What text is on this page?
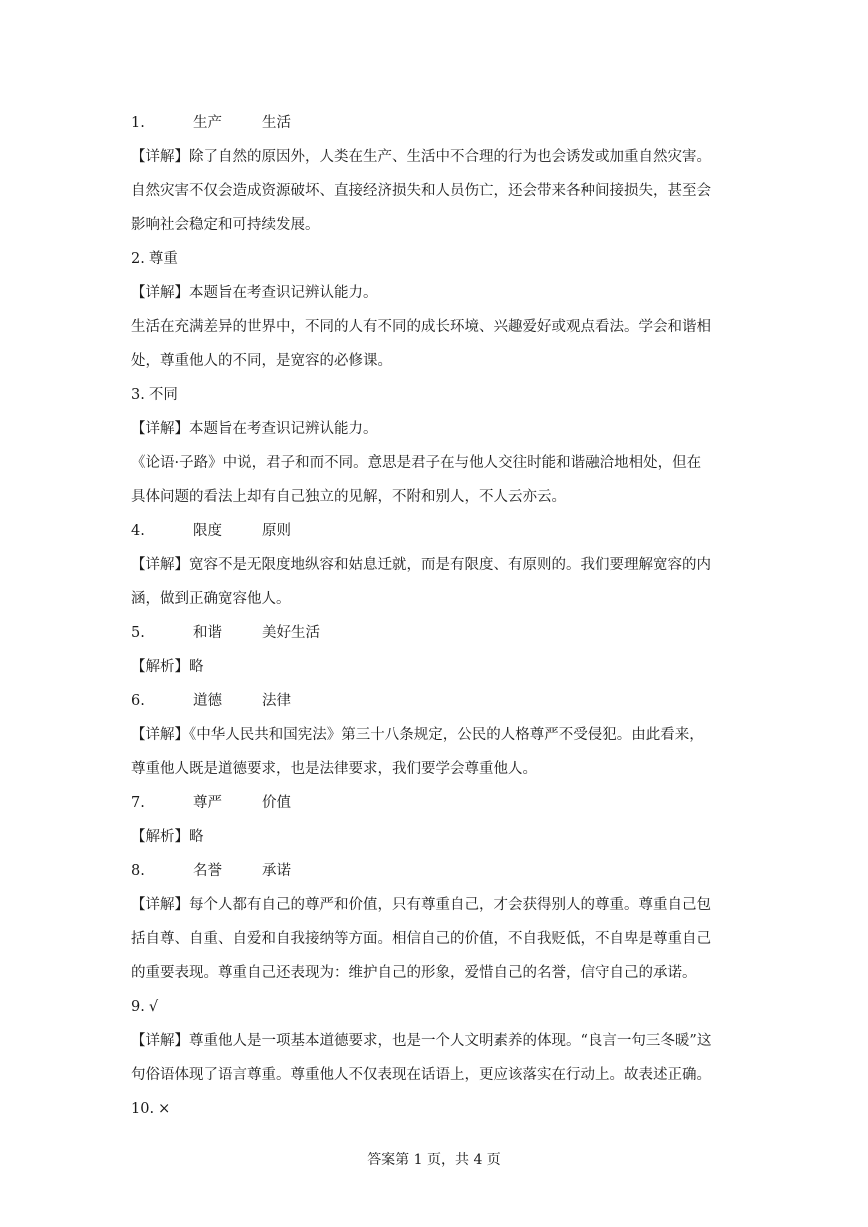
1.	生产	生活
【详解】除了自然的原因外，人类在生产、生活中不合理的行为也会诱发或加重自然灾害。
自然灾害不仅会造成资源破坏、直接经济损失和人员伤亡，还会带来各种间接损失，甚至会
影响社会稳定和可持续发展。
2. 尊重
【详解】本题旨在考查识记辨认能力。
生活在充满差异的世界中，不同的人有不同的成长环境、兴趣爱好或观点看法。学会和谐相
处，尊重他人的不同，是宽容的必修课。
3. 不同
【详解】本题旨在考查识记辨认能力。
《论语·子路》中说，君子和而不同。意思是君子在与他人交往时能和谐融洽地相处，但在
具体问题的看法上却有自己独立的见解，不附和别人，不人云亦云。
4.	限度	原则
【详解】宽容不是无限度地纵容和姑息迁就，而是有限度、有原则的。我们要理解宽容的内
涵，做到正确宽容他人。
5.	和谐	美好生活
【解析】略
6.	道德	法律
【详解】《中华人民共和国宪法》第三十八条规定，公民的人格尊严不受侵犯。由此看来，
尊重他人既是道德要求，也是法律要求，我们要学会尊重他人。
7.	尊严	价值
【解析】略
8.	名誉	承诺
【详解】每个人都有自己的尊严和价值，只有尊重自己，才会获得别人的尊重。尊重自己包
括自尊、自重、自爱和自我接纳等方面。相信自己的价值，不自我贬低，不自卑是尊重自己
的重要表现。尊重自己还表现为：维护自己的形象，爱惜自己的名誉，信守自己的承诺。
9. √
【详解】尊重他人是一项基本道德要求，也是一个人文明素养的体现。“良言一句三冬暖”这
句俗语体现了语言尊重。尊重他人不仅表现在话语上，更应该落实在行动上。故表述正确。
10. ×
答案第 1 页，共 4 页
